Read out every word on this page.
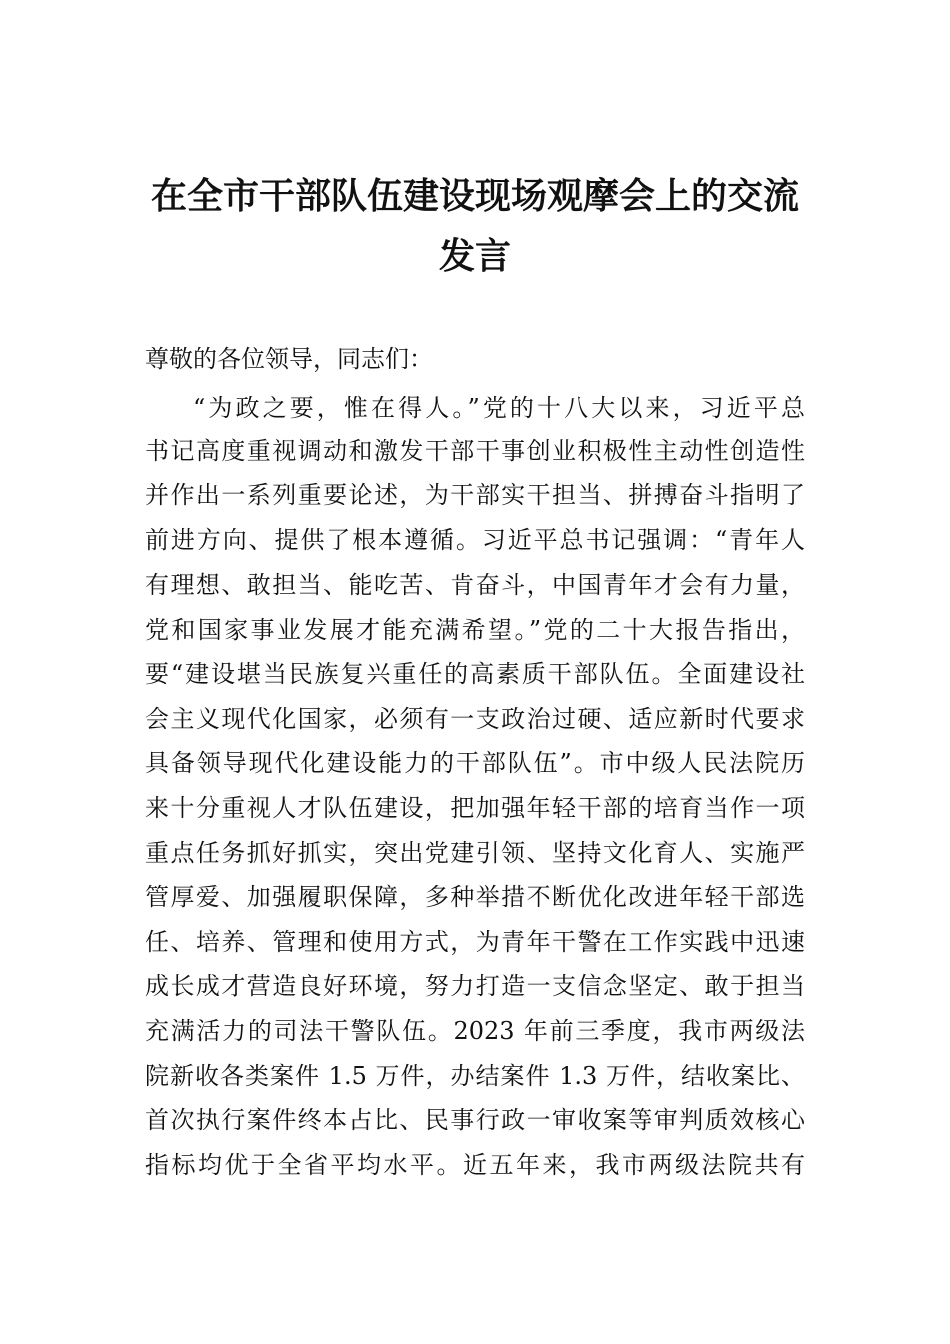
在全市干部队伍建设现场观摩会上的交流
发言
尊敬的各位领导，同志们：
“为政之要，惟在得人。”党的十八大以来，习近平总
书记高度重视调动和激发干部干事创业积极性主动性创造性
并作出一系列重要论述，为干部实干担当、拼搏奋斗指明了
前进方向、提供了根本遵循。习近平总书记强调：“青年人
有理想、敢担当、能吃苦、肯奋斗，中国青年才会有力量，
党和国家事业发展才能充满希望。”党的二十大报告指出，
要“建设堪当民族复兴重任的高素质干部队伍。全面建设社
会主义现代化国家，必须有一支政治过硬、适应新时代要求
具备领导现代化建设能力的干部队伍”。市中级人民法院历
来十分重视人才队伍建设，把加强年轻干部的培育当作一项
重点任务抓好抓实，突出党建引领、坚持文化育人、实施严
管厚爱、加强履职保障，多种举措不断优化改进年轻干部选
任、培养、管理和使用方式，为青年干警在工作实践中迅速
成长成才营造良好环境，努力打造一支信念坚定、敢于担当
充满活力的司法干警队伍。2023 年前三季度，我市两级法
院新收各类案件 1.5 万件，办结案件 1.3 万件，结收案比、
首次执行案件终本占比、民事行政一审收案等审判质效核心
指标均优于全省平均水平。近五年来，我市两级法院共有
